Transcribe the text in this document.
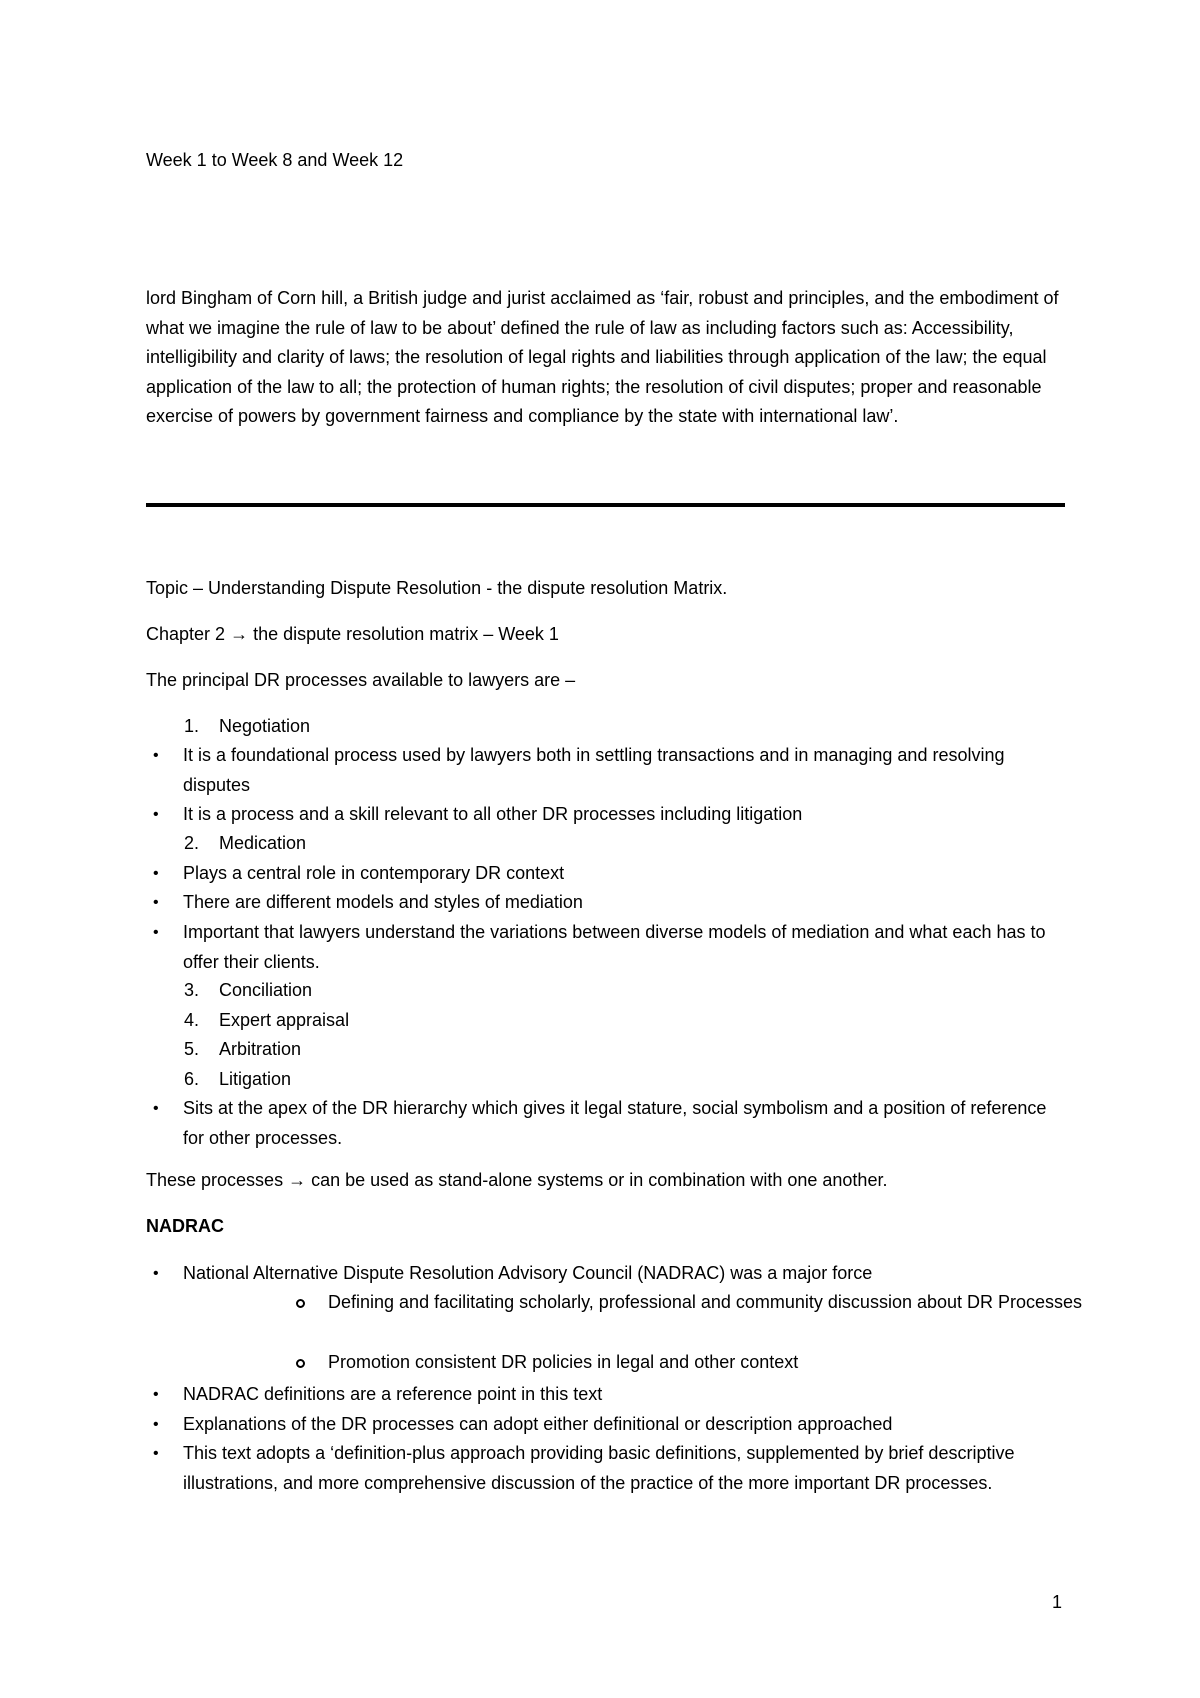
Week 1 to Week 8 and Week 12
lord Bingham of Corn hill, a British judge and jurist acclaimed as ‘fair, robust and principles, and the embodiment of what we imagine the rule of law to be about’ defined the rule of law as including factors such as: Accessibility, intelligibility and clarity of laws; the resolution of legal rights and liabilities through application of the law; the equal application of the law to all; the protection of human rights; the resolution of civil disputes; proper and reasonable exercise of powers by government fairness and compliance by the state with international law’.
Topic – Understanding Dispute Resolution - the dispute resolution Matrix.
Chapter 2 → the dispute resolution matrix – Week 1
The principal DR processes available to lawyers are –
1. Negotiation
• It is a foundational process used by lawyers both in settling transactions and in managing and resolving disputes
• It is a process and a skill relevant to all other DR processes including litigation
2. Medication
• Plays a central role in contemporary DR context
• There are different models and styles of mediation
• Important that lawyers understand the variations between diverse models of mediation and what each has to offer their clients.
3. Conciliation
4. Expert appraisal
5. Arbitration
6. Litigation
• Sits at the apex of the DR hierarchy which gives it legal stature, social symbolism and a position of reference for other processes.
These processes → can be used as stand-alone systems or in combination with one another.
NADRAC
• National Alternative Dispute Resolution Advisory Council (NADRAC) was a major force
Defining and facilitating scholarly, professional and community discussion about DR Processes
Promotion consistent DR policies in legal and other context
• NADRAC definitions are a reference point in this text
• Explanations of the DR processes can adopt either definitional or description approached
• This text adopts a ‘definition-plus approach providing basic definitions, supplemented by brief descriptive illustrations, and more comprehensive discussion of the practice of the more important DR processes.
1
